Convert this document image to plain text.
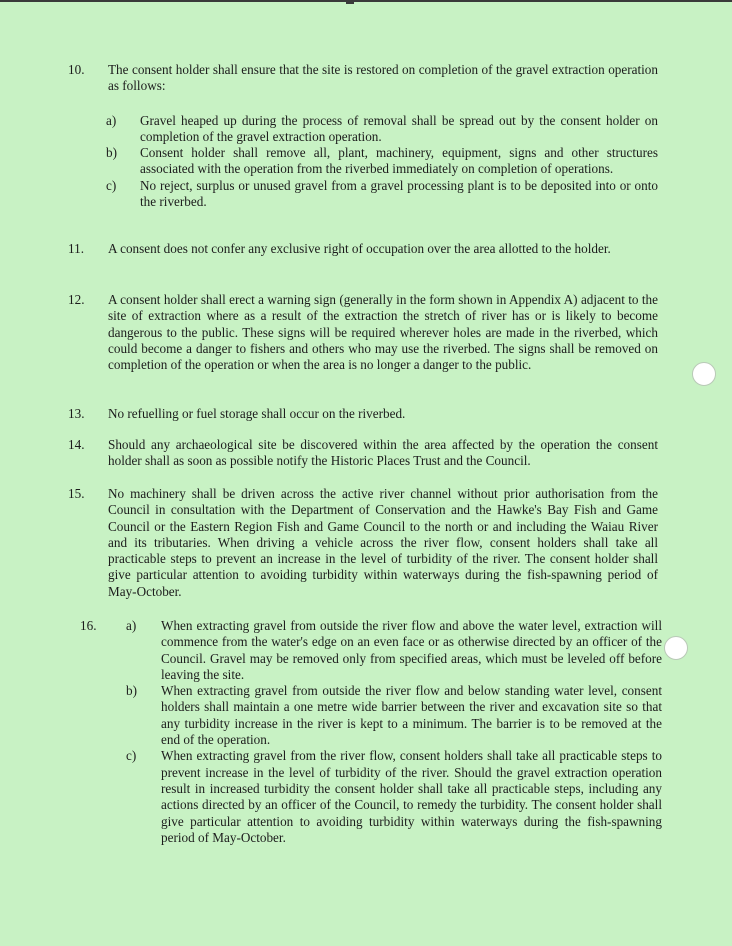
10. The consent holder shall ensure that the site is restored on completion of the gravel extraction operation as follows:
a) Gravel heaped up during the process of removal shall be spread out by the consent holder on completion of the gravel extraction operation.
b) Consent holder shall remove all, plant, machinery, equipment, signs and other structures associated with the operation from the riverbed immediately on completion of operations.
c) No reject, surplus or unused gravel from a gravel processing plant is to be deposited into or onto the riverbed.
11. A consent does not confer any exclusive right of occupation over the area allotted to the holder.
12. A consent holder shall erect a warning sign (generally in the form shown in Appendix A) adjacent to the site of extraction where as a result of the extraction the stretch of river has or is likely to become dangerous to the public. These signs will be required wherever holes are made in the riverbed, which could become a danger to fishers and others who may use the riverbed. The signs shall be removed on completion of the operation or when the area is no longer a danger to the public.
13. No refuelling or fuel storage shall occur on the riverbed.
14. Should any archaeological site be discovered within the area affected by the operation the consent holder shall as soon as possible notify the Historic Places Trust and the Council.
15. No machinery shall be driven across the active river channel without prior authorisation from the Council in consultation with the Department of Conservation and the Hawke's Bay Fish and Game Council or the Eastern Region Fish and Game Council to the north or and including the Waiau River and its tributaries. When driving a vehicle across the river flow, consent holders shall take all practicable steps to prevent an increase in the level of turbidity of the river. The consent holder shall give particular attention to avoiding turbidity within waterways during the fish-spawning period of May-October.
16. a) When extracting gravel from outside the river flow and above the water level, extraction will commence from the water's edge on an even face or as otherwise directed by an officer of the Council. Gravel may be removed only from specified areas, which must be leveled off before leaving the site.
b) When extracting gravel from outside the river flow and below standing water level, consent holders shall maintain a one metre wide barrier between the river and excavation site so that any turbidity increase in the river is kept to a minimum. The barrier is to be removed at the end of the operation.
c) When extracting gravel from the river flow, consent holders shall take all practicable steps to prevent increase in the level of turbidity of the river. Should the gravel extraction operation result in increased turbidity the consent holder shall take all practicable steps, including any actions directed by an officer of the Council, to remedy the turbidity. The consent holder shall give particular attention to avoiding turbidity within waterways during the fish-spawning period of May-October.
